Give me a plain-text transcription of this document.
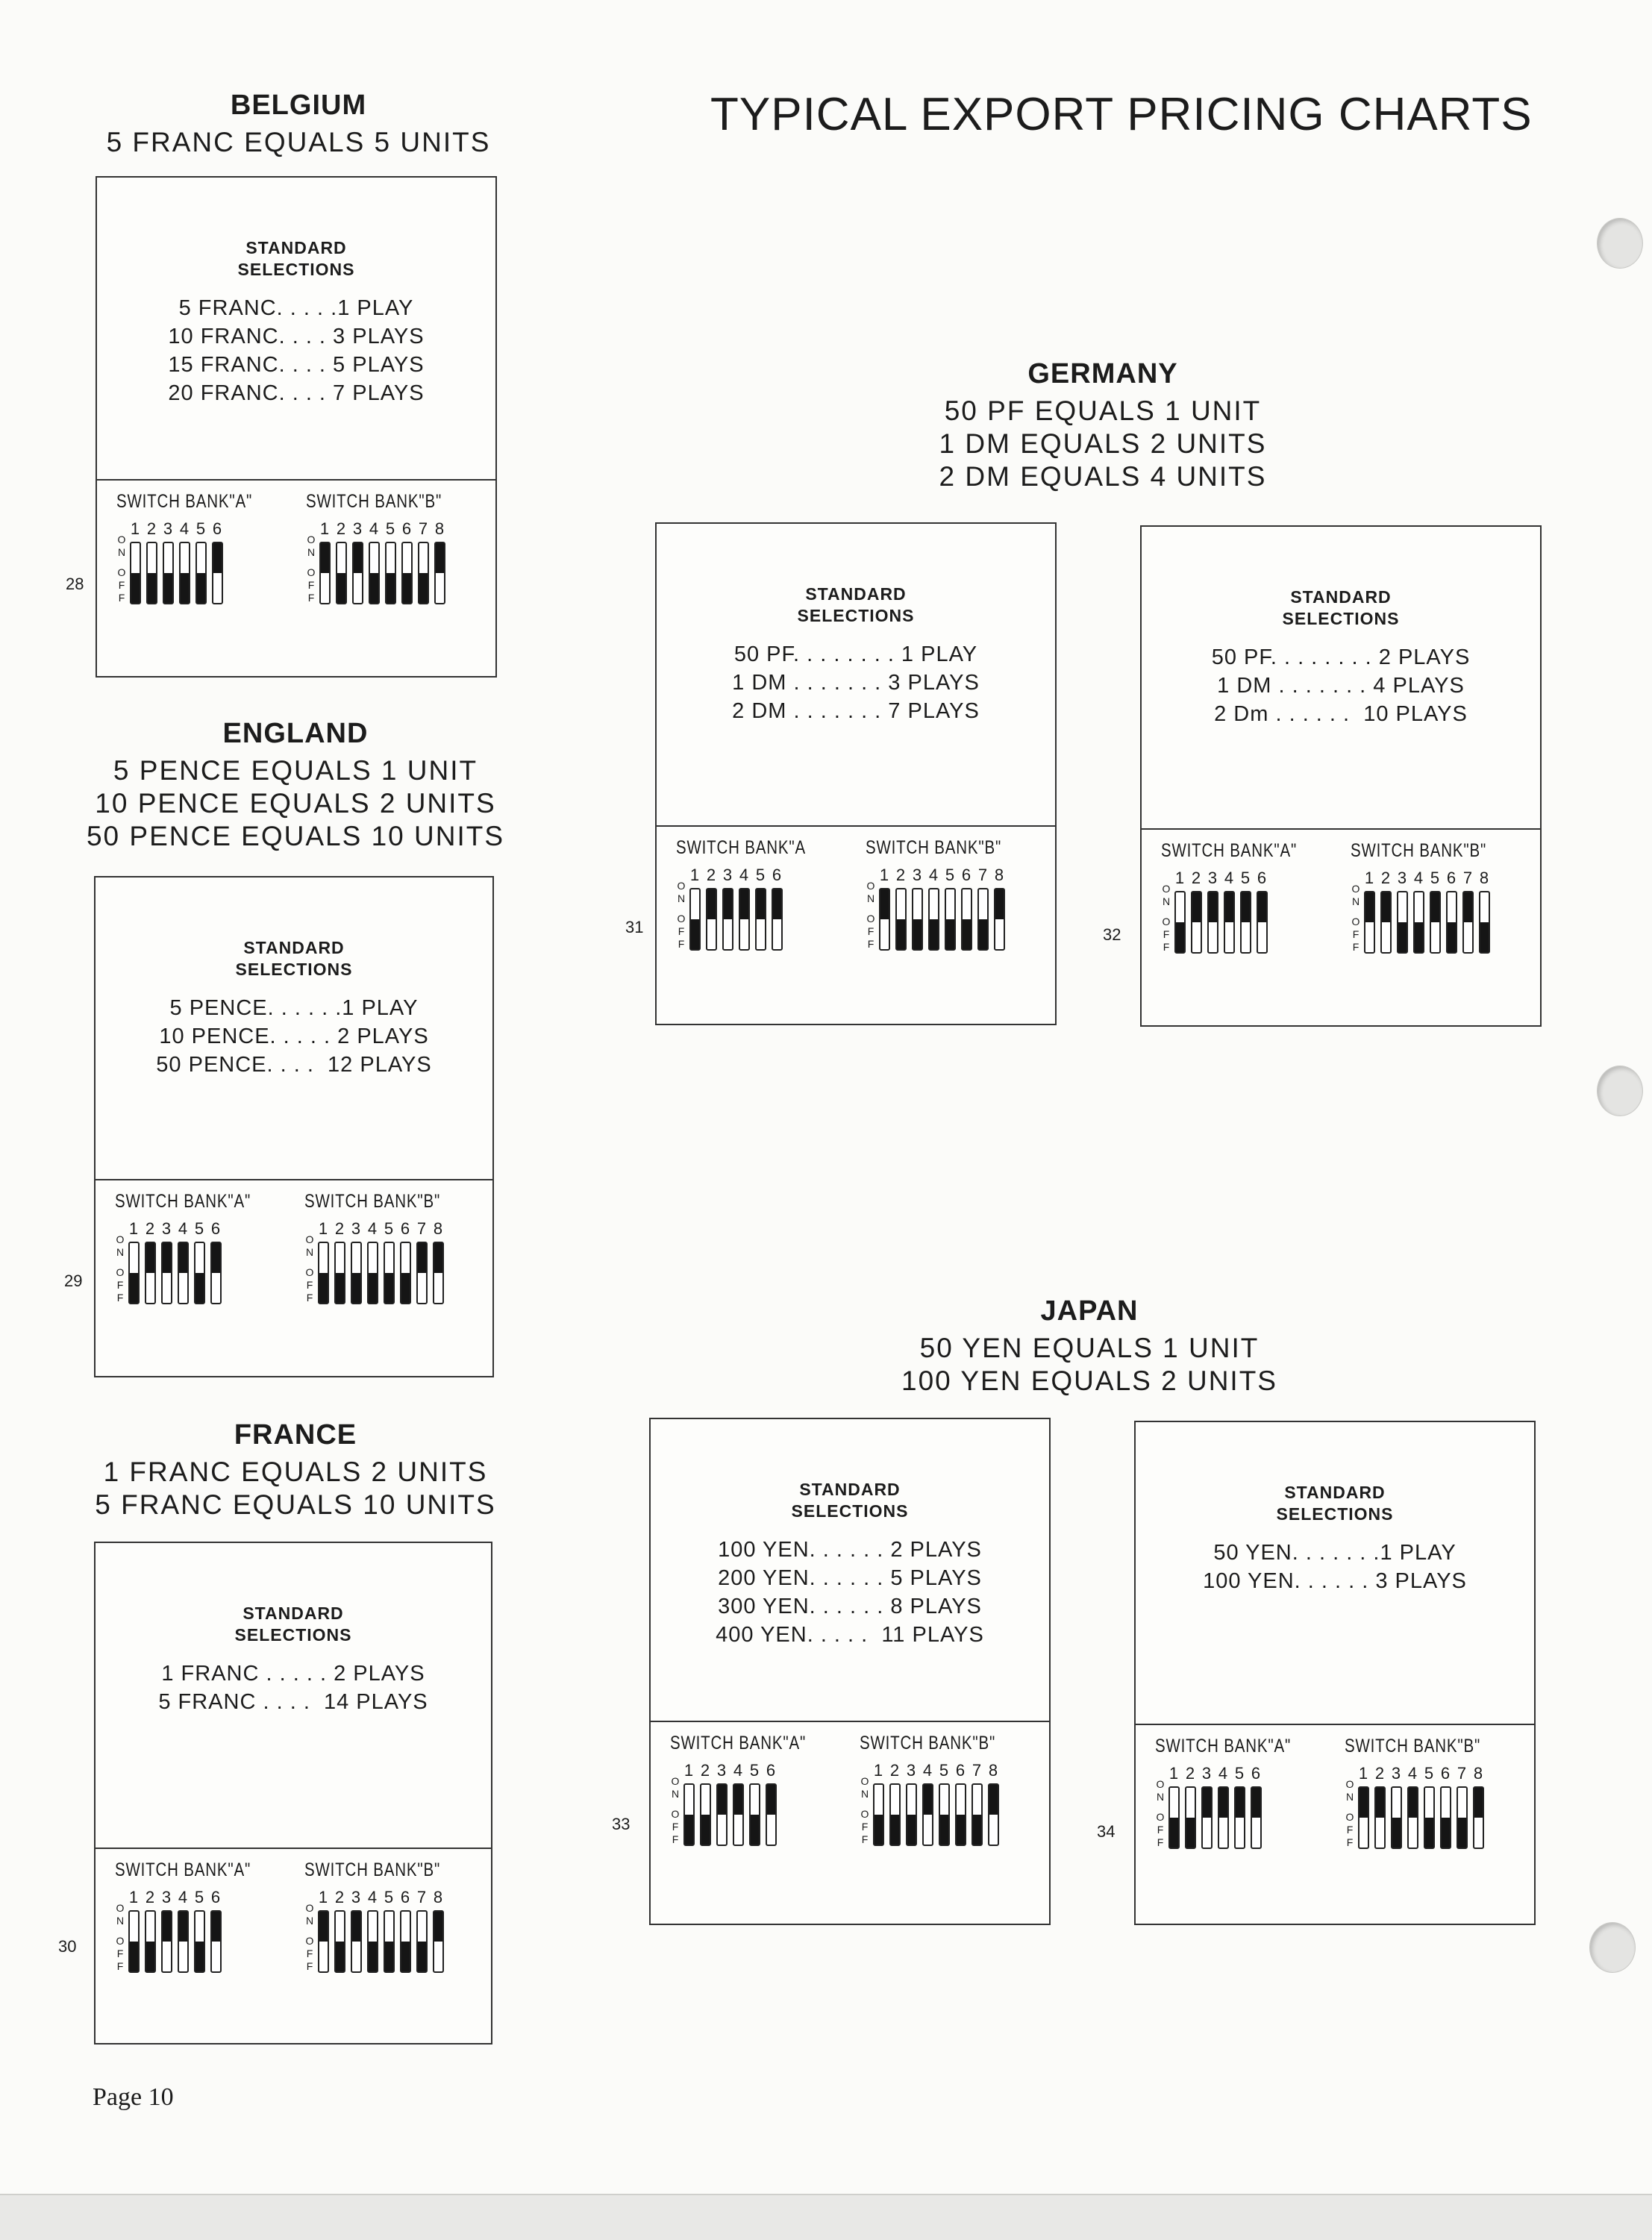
TYPICAL EXPORT PRICING CHARTS
BELGIUM
5 FRANC EQUALS 5 UNITS
ENGLAND
5 PENCE EQUALS 1 UNIT
10 PENCE EQUALS 2 UNITS
50 PENCE EQUALS 10 UNITS
FRANCE
1 FRANC EQUALS 2 UNITS
5 FRANC EQUALS 10 UNITS
GERMANY
50 PF EQUALS 1 UNIT
1 DM EQUALS 2 UNITS
2 DM EQUALS 4 UNITS
JAPAN
50 YEN EQUALS 1 UNIT
100 YEN EQUALS 2 UNITS
STANDARD
SELECTIONS
5 FRANC. . . . .1 PLAY
10 FRANC. . . . 3 PLAYS
15 FRANC. . . . 5 PLAYS
20 FRANC. . . . 7 PLAYS
SWITCH BANK"A"
O
N
O
F
F
1 2 3 4 5 6
SWITCH BANK"B"
O
N
O
F
F
1 2 3 4 5 6 7 8
28
STANDARD
SELECTIONS
5 PENCE. . . . . .1 PLAY
10 PENCE. . . . . 2 PLAYS
50 PENCE. . . .  12 PLAYS
SWITCH BANK"A"
O
N
O
F
F
1 2 3 4 5 6
SWITCH BANK"B"
O
N
O
F
F
1 2 3 4 5 6 7 8
29
STANDARD
SELECTIONS
1 FRANC . . . . . 2 PLAYS
5 FRANC . . . .  14 PLAYS
SWITCH BANK"A"
O
N
O
F
F
1 2 3 4 5 6
SWITCH BANK"B"
O
N
O
F
F
1 2 3 4 5 6 7 8
30
STANDARD
SELECTIONS
50 PF. . . . . . . . 1 PLAY
1 DM . . . . . . . 3 PLAYS
2 DM . . . . . . . 7 PLAYS
SWITCH BANK"A
O
N
O
F
F
1 2 3 4 5 6
SWITCH BANK"B"
O
N
O
F
F
1 2 3 4 5 6 7 8
31
STANDARD
SELECTIONS
50 PF. . . . . . . . 2 PLAYS
1 DM . . . . . . . 4 PLAYS
2 Dm . . . . . .  10 PLAYS
SWITCH BANK"A"
O
N
O
F
F
1 2 3 4 5 6
SWITCH BANK"B"
O
N
O
F
F
1 2 3 4 5 6 7 8
32
STANDARD
SELECTIONS
100 YEN. . . . . . 2 PLAYS
200 YEN. . . . . . 5 PLAYS
300 YEN. . . . . . 8 PLAYS
400 YEN. . . . .  11 PLAYS
SWITCH BANK"A"
O
N
O
F
F
1 2 3 4 5 6
SWITCH BANK"B"
O
N
O
F
F
1 2 3 4 5 6 7 8
33
STANDARD
SELECTIONS
50 YEN. . . . . . .1 PLAY
100 YEN. . . . . . 3 PLAYS
SWITCH BANK"A"
O
N
O
F
F
1 2 3 4 5 6
SWITCH BANK"B"
O
N
O
F
F
1 2 3 4 5 6 7 8
34
Page 10
